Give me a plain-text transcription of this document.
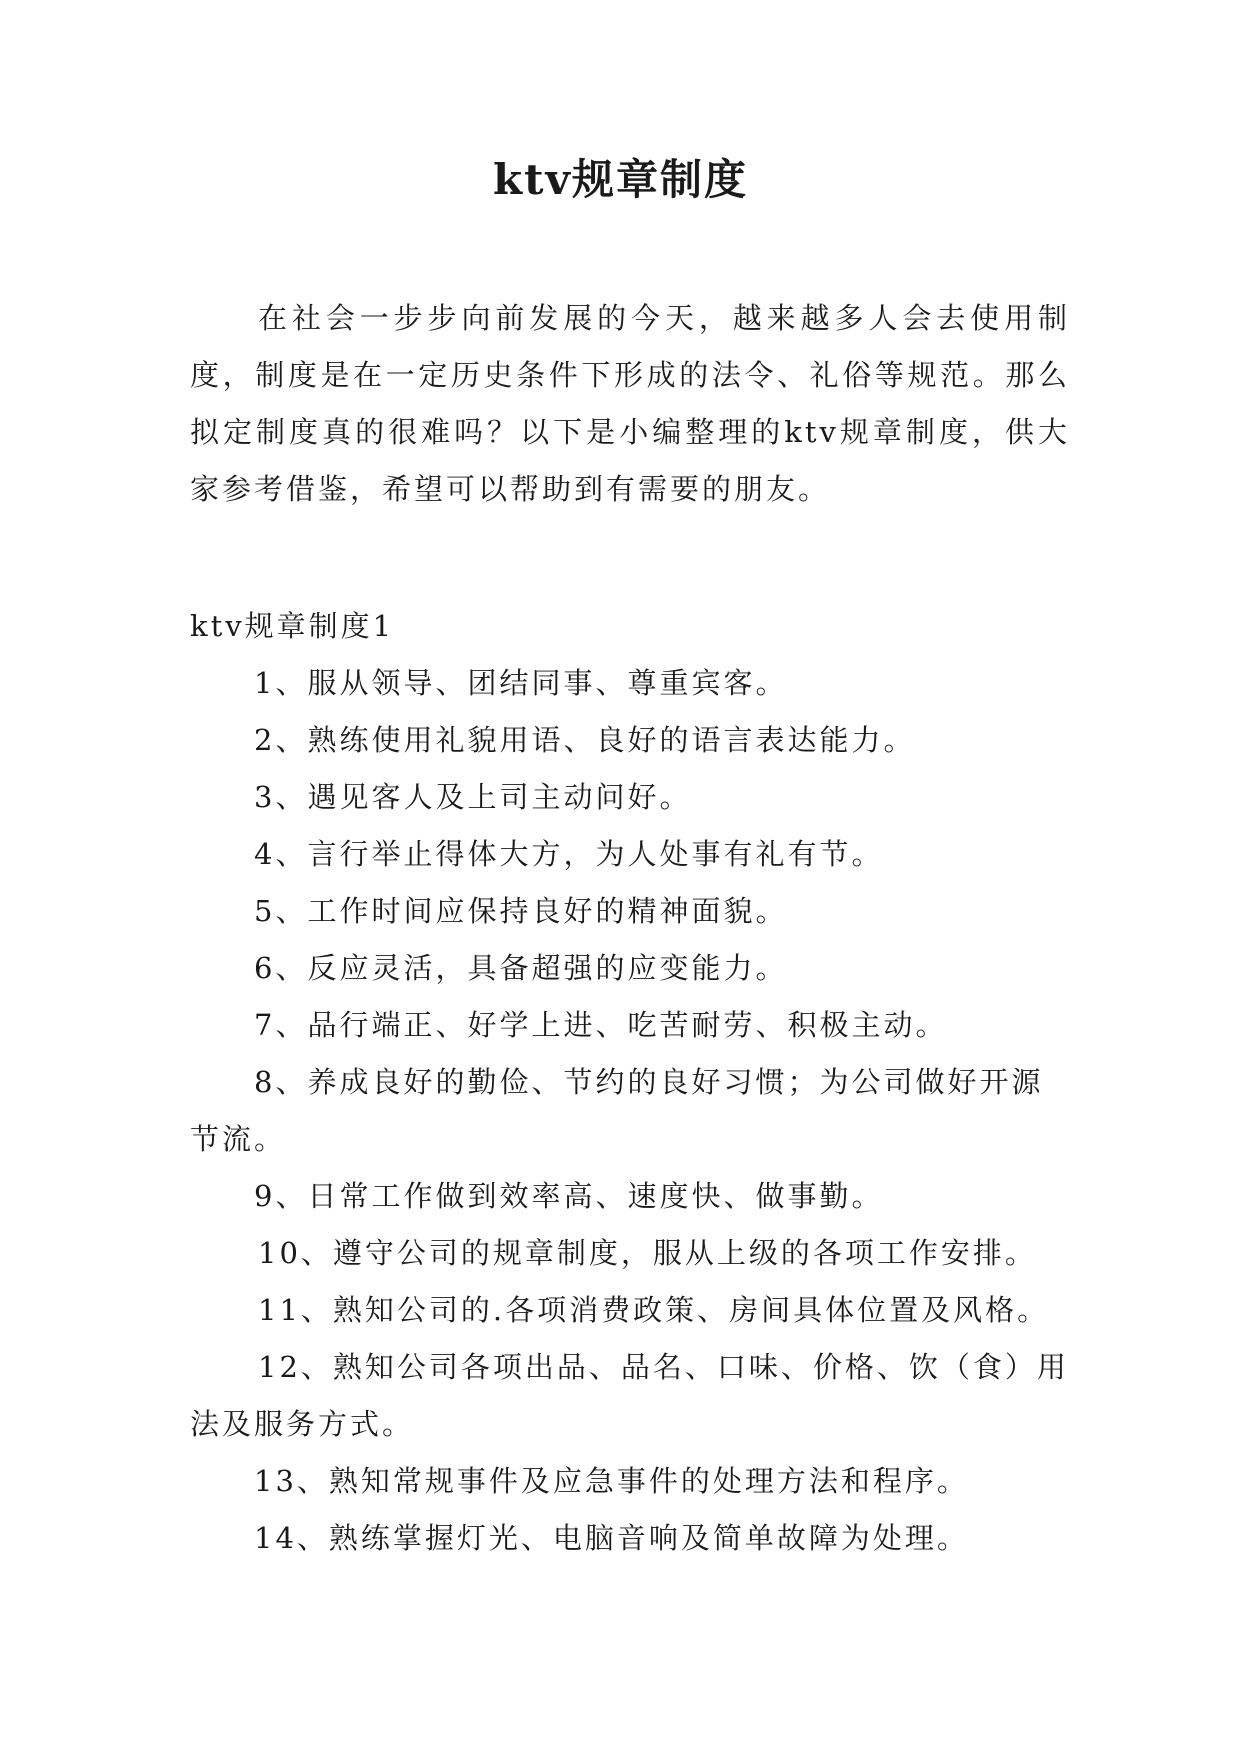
ktv规章制度

在社会一步步向前发展的今天，越来越多人会去使用制度，制度是在一定历史条件下形成的法令、礼俗等规范。那么拟定制度真的很难吗？以下是小编整理的ktv规章制度，供大家参考借鉴，希望可以帮助到有需要的朋友。

ktv规章制度1

1、服从领导、团结同事、尊重宾客。

2、熟练使用礼貌用语、良好的语言表达能力。

3、遇见客人及上司主动问好。

4、言行举止得体大方，为人处事有礼有节。

5、工作时间应保持良好的精神面貌。

6、反应灵活，具备超强的应变能力。

7、品行端正、好学上进、吃苦耐劳、积极主动。

8、养成良好的勤俭、节约的良好习惯；为公司做好开源节流。

9、日常工作做到效率高、速度快、做事勤。

10、遵守公司的规章制度，服从上级的各项工作安排。

11、熟知公司的.各项消费政策、房间具体位置及风格。

12、熟知公司各项出品、品名、口味、价格、饮（食）用法及服务方式。

13、熟知常规事件及应急事件的处理方法和程序。

14、熟练掌握灯光、电脑音响及简单故障为处理。
